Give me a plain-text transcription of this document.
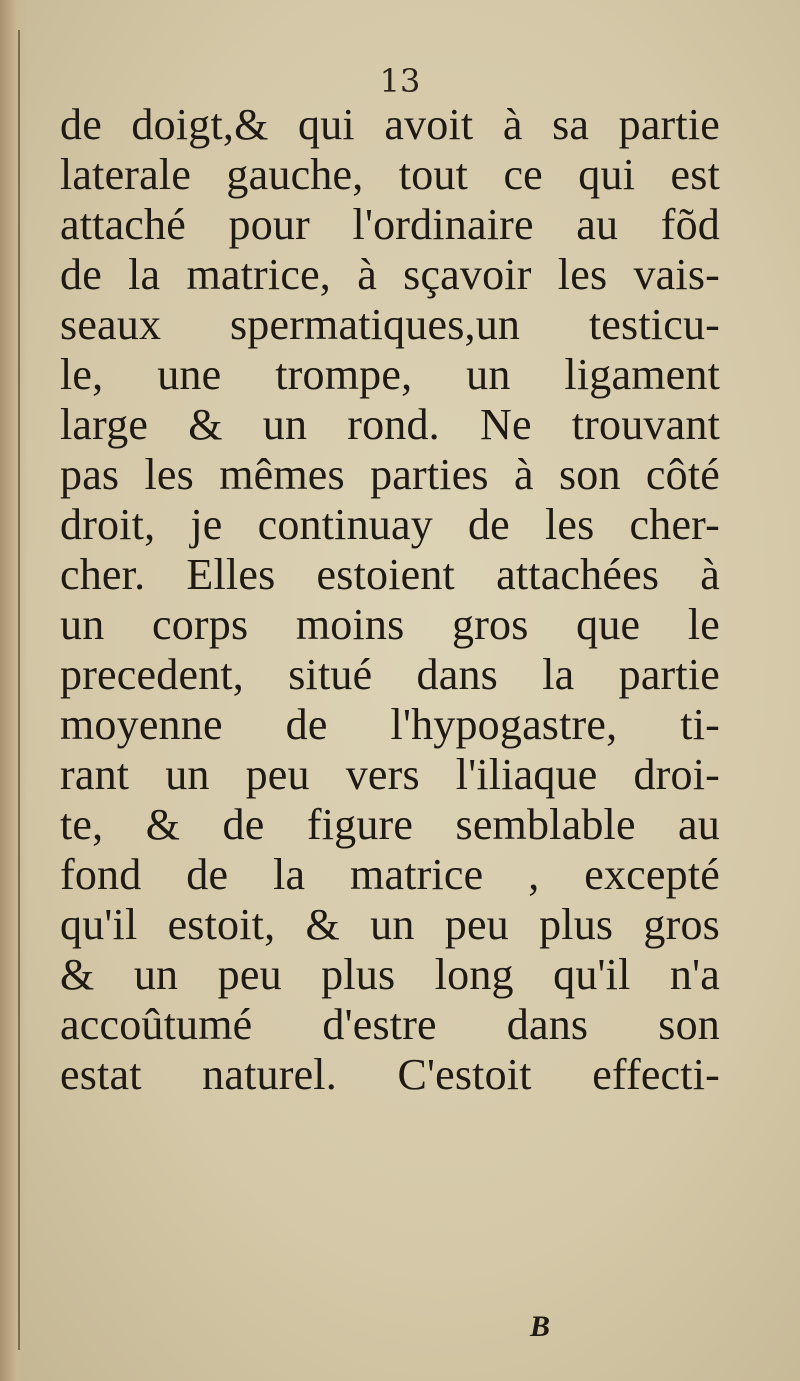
13
de doigt,& qui avoit à sa partie
laterale gauche, tout ce qui est
attaché pour l'ordinaire au fõd
de la matrice, à sçavoir les vais-
seaux spermatiques,un testicu-
le, une trompe, un ligament
large & un rond. Ne trouvant
pas les mêmes parties à son côté
droit, je continuay de les cher-
cher. Elles estoient attachées à
un corps moins gros que le
precedent, situé dans la partie
moyenne de l'hypogastre, ti-
rant un peu vers l'iliaque droi-
te, & de figure semblable au
fond de la matrice , excepté
qu'il estoit, & un peu plus gros
& un peu plus long qu'il n'a
accoûtumé d'estre dans son
estat naturel. C'estoit effecti-
B
